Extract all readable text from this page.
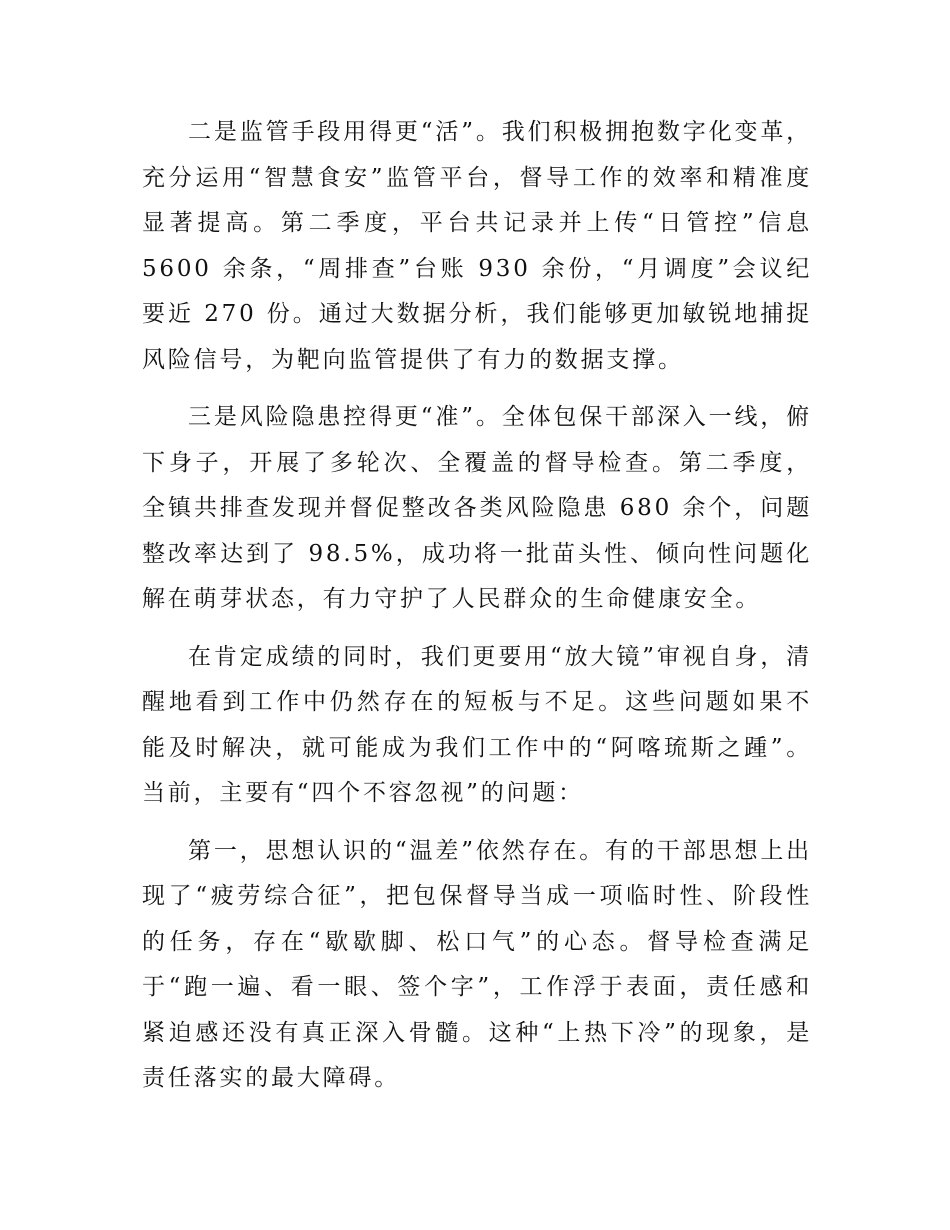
二是监管手段用得更“活”。我们积极拥抱数字化变革，充分运用“智慧食安”监管平台，督导工作的效率和精准度显著提高。第二季度，平台共记录并上传“日管控”信息 5600 余条，“周排查”台账 930 余份，“月调度”会议纪要近 270 份。通过大数据分析，我们能够更加敏锐地捕捉风险信号，为靶向监管提供了有力的数据支撑。

三是风险隐患控得更“准”。全体包保干部深入一线，俯下身子，开展了多轮次、全覆盖的督导检查。第二季度，全镇共排查发现并督促整改各类风险隐患 680 余个，问题整改率达到了 98.5%，成功将一批苗头性、倾向性问题化解在萌芽状态，有力守护了人民群众的生命健康安全。

在肯定成绩的同时，我们更要用“放大镜”审视自身，清醒地看到工作中仍然存在的短板与不足。这些问题如果不能及时解决，就可能成为我们工作中的“阿喀琉斯之踵”。当前，主要有“四个不容忽视”的问题：

第一，思想认识的“温差”依然存在。有的干部思想上出现了“疲劳综合征”，把包保督导当成一项临时性、阶段性的任务，存在“歇歇脚、松口气”的心态。督导检查满足于“跑一遍、看一眼、签个字”，工作浮于表面，责任感和紧迫感还没有真正深入骨髓。这种“上热下冷”的现象，是责任落实的最大障碍。
